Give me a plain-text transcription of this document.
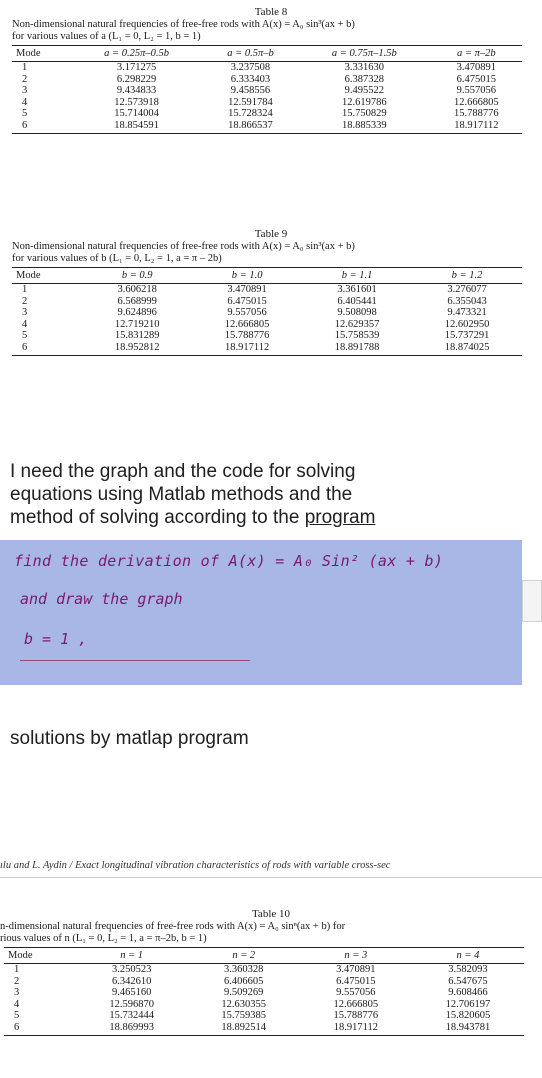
Table 8
Non-dimensional natural frequencies of free-free rods with A(x) = A₀ sin³(ax + b)
for various values of a (L₁ = 0, L₂ = 1, b = 1)
Mode	a = 0.25π–0.5b	a = 0.5π–b	a = 0.75π–1.5b	a = π–2b
1	3.171275	3.237508	3.331630	3.470891
2	6.298229	6.333403	6.387328	6.475015
3	9.434833	9.458556	9.495522	9.557056
4	12.573918	12.591784	12.619786	12.666805
5	15.714004	15.728324	15.750829	15.788776
6	18.854591	18.866537	18.885339	18.917112
Table 9
Non-dimensional natural frequencies of free-free rods with A(x) = A₀ sin³(ax + b)
for various values of b (L₁ = 0, L₂ = 1, a = π – 2b)
Mode	b = 0.9	b = 1.0	b = 1.1	b = 1.2
1	3.606218	3.470891	3.361601	3.276077
2	6.568999	6.475015	6.405441	6.355043
3	9.624896	9.557056	9.508098	9.473321
4	12.719210	12.666805	12.629357	12.602950
5	15.831289	15.788776	15.758539	15.737291
6	18.952812	18.917112	18.891788	18.874025
I need the graph and the code for solving
equations using Matlab methods and the
method of solving according to the program
find the derivation of A(x) = A₀ Sin² (ax + b)
and draw the graph
b = 1 ,
solutions by matlap program
ılu and L. Aydin / Exact longitudinal vibration characteristics of rods with variable cross-sec
Table 10
n-dimensional natural frequencies of free-free rods with A(x) = A₀ sinⁿ(ax + b) for
rious values of n (L₁ = 0, L₂ = 1, a = π–2b, b = 1)
Mode	n = 1	n = 2	n = 3	n = 4
1	3.250523	3.360328	3.470891	3.582093
2	6.342610	6.406605	6.475015	6.547675
3	9.465160	9.509269	9.557056	9.608466
4	12.596870	12.630355	12.666805	12.706197
5	15.732444	15.759385	15.788776	15.820605
6	18.869993	18.892514	18.917112	18.943781
